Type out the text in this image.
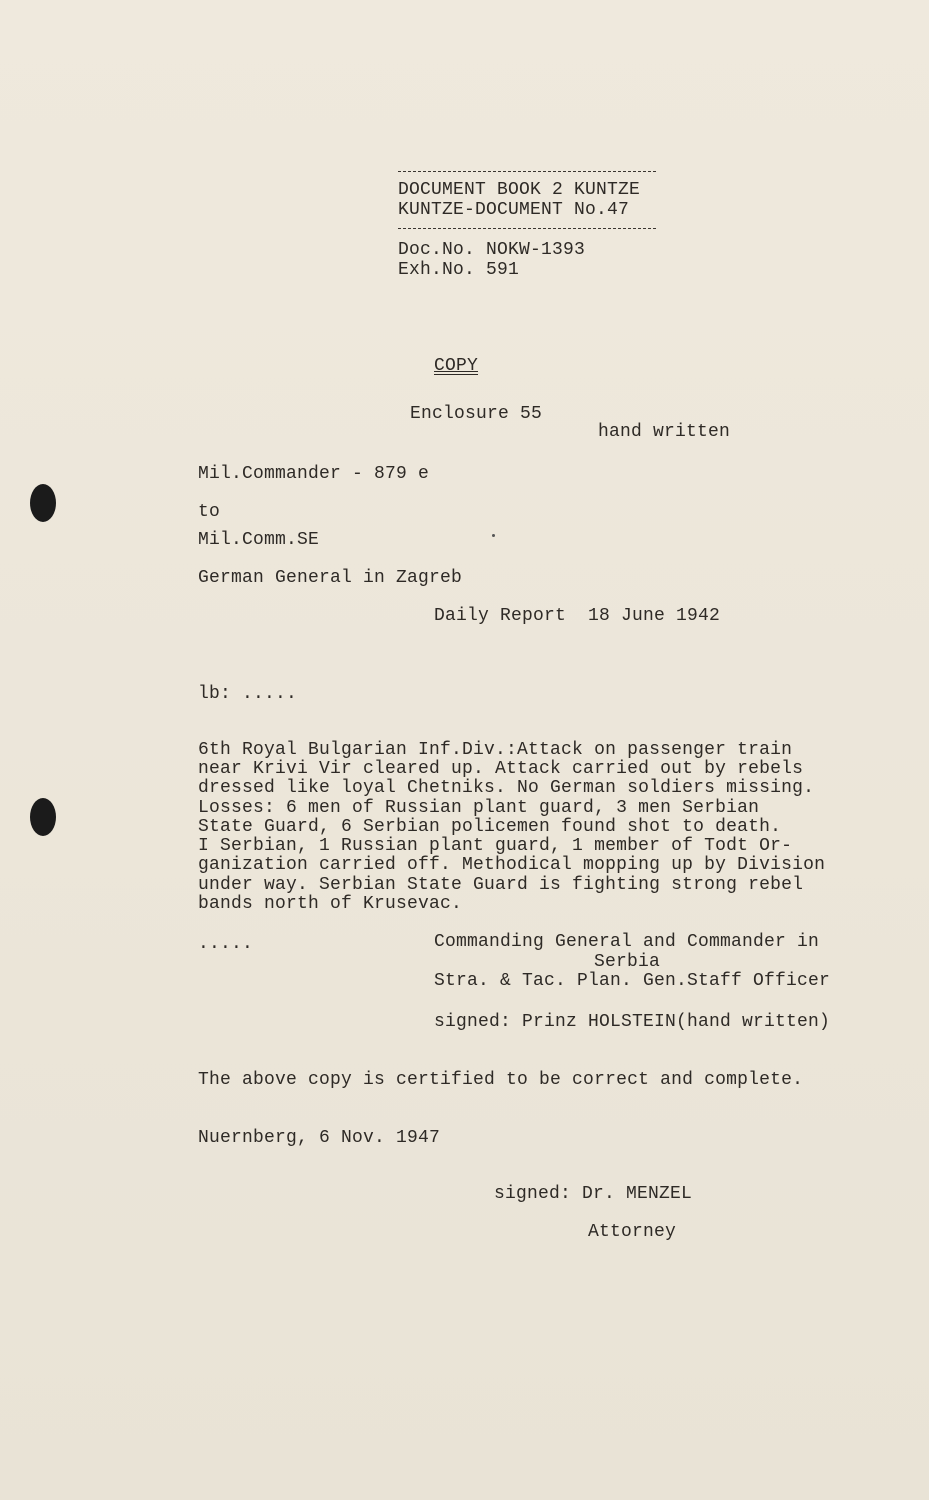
DOCUMENT BOOK 2 KUNTZE
KUNTZE-DOCUMENT No.47
Doc.No. NOKW-1393
Exh.No. 591
COPY
Enclosure 55
hand written
Mil.Commander - 879 e
to
Mil.Comm.SE
German General in Zagreb
Daily Report  18 June 1942
lb: .....
6th Royal Bulgarian Inf.Div.:Attack on passenger train
near Krivi Vir cleared up. Attack carried out by rebels
dressed like loyal Chetniks. No German soldiers missing.
Losses: 6 men of Russian plant guard, 3 men Serbian
State Guard, 6 Serbian policemen found shot to death.
I Serbian, 1 Russian plant guard, 1 member of Todt Or-
ganization carried off. Methodical mopping up by Division
under way. Serbian State Guard is fighting strong rebel
bands north of Krusevac.
.....	Commanding General and Commander in
Serbia
Stra. & Tac. Plan. Gen.Staff Officer
signed: Prinz HOLSTEIN(hand written)
The above copy is certified to be correct and complete.
Nuernberg, 6 Nov. 1947
signed: Dr. MENZEL
Attorney
